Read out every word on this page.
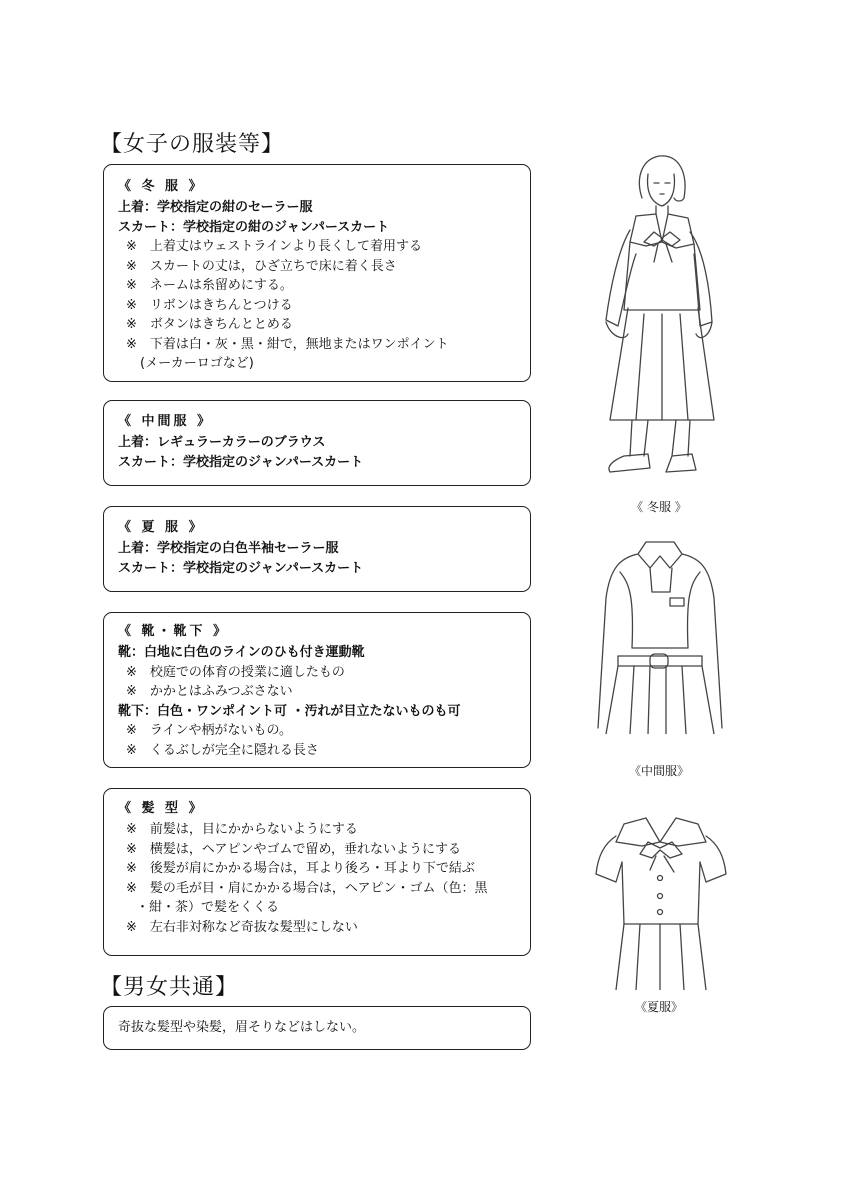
【女子の服装等】
《 冬 服 》
上着：学校指定の紺のセーラー服
スカート：学校指定の紺のジャンパースカート
※　上着丈はウェストラインより長くして着用する
※　スカートの丈は，ひざ立ちで床に着く長さ
※　ネームは糸留めにする。
※　リボンはきちんとつける
※　ボタンはきちんととめる
※　下着は白・灰・黒・紺で，無地またはワンポイント
(メーカーロゴなど)
《 中間服 》
上着：レギュラーカラーのブラウス
スカート：学校指定のジャンパースカート
《 夏 服 》
上着：学校指定の白色半袖セーラー服
スカート：学校指定のジャンパースカート
《 靴・靴下 》
靴：白地に白色のラインのひも付き運動靴
※　校庭での体育の授業に適したもの
※　かかとはふみつぶさない
靴下：白色・ワンポイント可 ・汚れが目立たないものも可
※　ラインや柄がないもの。
※　くるぶしが完全に隠れる長さ
《 髪 型 》
※　前髪は，目にかからないようにする
※　横髪は，ヘアピンやゴムで留め，垂れないようにする
※　後髪が肩にかかる場合は，耳より後ろ・耳より下で結ぶ
※　髪の毛が目・肩にかかる場合は，ヘアピン・ゴム（色：黒
・紺・茶）で髪をくくる
※　左右非対称など奇抜な髪型にしない
【男女共通】
奇抜な髪型や染髪，眉そりなどはしない。
《 冬服 》
《中間服》
《夏服》
